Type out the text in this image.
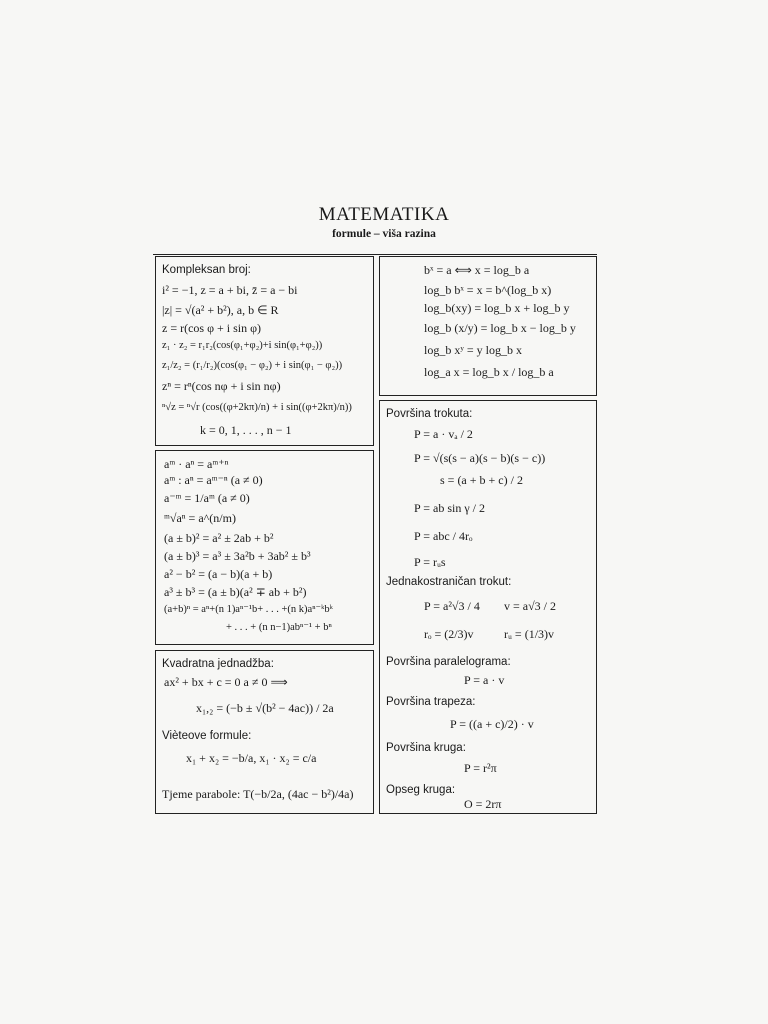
MATEMATIKA
formule – viša razina
Kompleksan broj:
i² = −1, z = a + bi, z̄ = a − bi
|z| = √(a² + b²), a, b ∈ R
z = r(cos φ + i sin φ)
z₁ · z₂ = r₁r₂(cos(φ₁+φ₂)+i sin(φ₁+φ₂))
z₁/z₂ = (r₁/r₂)(cos(φ₁ − φ₂) + i sin(φ₁ − φ₂))
zⁿ = rⁿ(cos nφ + i sin nφ)
ⁿ√z = ⁿ√r (cos((φ+2kπ)/n) + i sin((φ+2kπ)/n))
k = 0, 1, . . . , n − 1
bˣ = a ⟺ x = log_b a
log_b bˣ = x = b^(log_b x)
log_b(xy) = log_b x + log_b y
log_b (x/y) = log_b x − log_b y
log_b xʸ = y log_b x
log_a x = log_b x / log_b a
aᵐ · aⁿ = aᵐ⁺ⁿ
aᵐ : aⁿ = aᵐ⁻ⁿ (a ≠ 0)
a⁻ᵐ = 1/aᵐ (a ≠ 0)
ᵐ√aⁿ = a^(n/m)
(a ± b)² = a² ± 2ab + b²
(a ± b)³ = a³ ± 3a²b + 3ab² ± b³
a² − b² = (a − b)(a + b)
a³ ± b³ = (a ± b)(a² ∓ ab + b²)
(a+b)ⁿ = aⁿ+(n 1)aⁿ⁻¹b+ . . . +(n k)aⁿ⁻ᵏbᵏ
+ . . . + (n n−1)abⁿ⁻¹ + bⁿ
Kvadratna jednadžba:
ax² + bx + c = 0 a ≠ 0 ⟹
x₁,₂ = (−b ± √(b² − 4ac)) / 2a
Vièteove formule:
x₁ + x₂ = −b/a, x₁ · x₂ = c/a
Tjeme parabole: T(−b/2a, (4ac − b²)/4a)
Površina trokuta:
P = a · vₐ / 2
P = √(s(s − a)(s − b)(s − c))
s = (a + b + c) / 2
P = ab sin γ / 2
P = abc / 4rₒ
P = rᵤs
Jednakostraničan trokut:
P = a²√3 / 4 v = a√3 / 2
rₒ = (2/3)v	rᵤ = (1/3)v
Površina paralelograma:
P = a · v
Površina trapeza:
P = ((a + c)/2) · v
Površina kruga:
P = r²π
Opseg kruga:
O = 2rπ
